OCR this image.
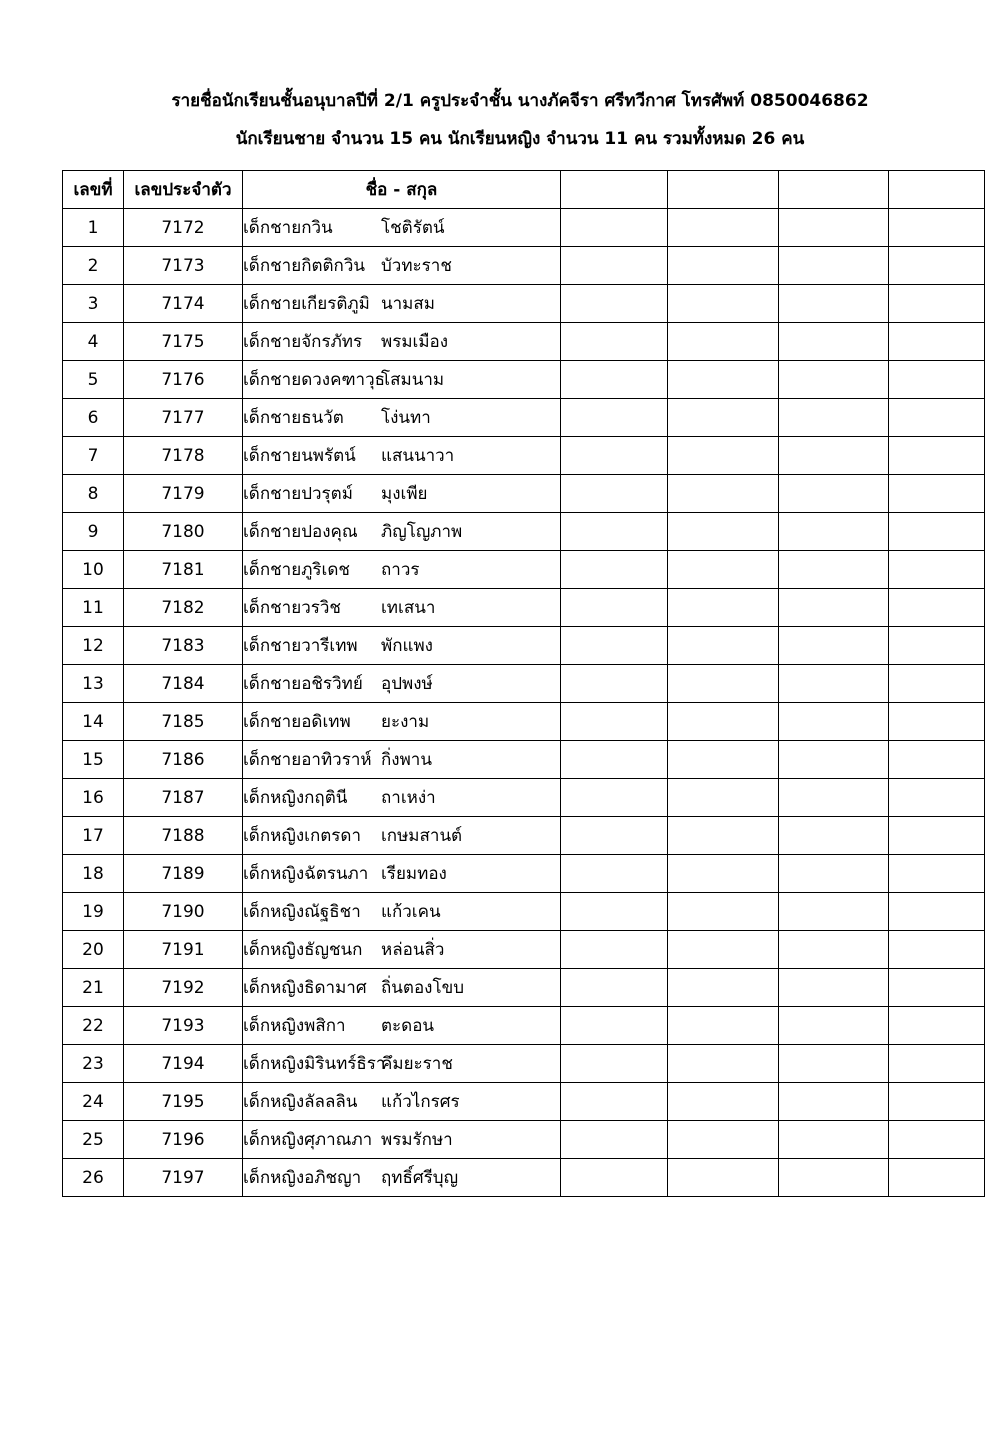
รายชื่อนักเรียนชั้นอนุบาลปีที่ 2/1 ครูประจำชั้น นางภัคจีรา ศรีทวีกาศ โทรศัพท์ 0850046862
นักเรียนชาย จำนวน 15 คน นักเรียนหญิง จำนวน 11 คน รวมทั้งหมด 26 คน
เลขที่	เลขประจำตัว	ชื่อ - สกุล				
1	7172	เด็กชายกวิน โชติรัตน์				
2	7173	เด็กชายกิตติกวิน บัวทะราช				
3	7174	เด็กชายเกียรติภูมิ นามสม				
4	7175	เด็กชายจักรภัทร พรมเมือง				
5	7176	เด็กชายดวงคฑาวุธโสมนาม				
6	7177	เด็กชายธนวัต โง่นทา				
7	7178	เด็กชายนพรัตน์ แสนนาวา				
8	7179	เด็กชายปวรุตม์ มุงเพีย				
9	7180	เด็กชายปองคุณ ภิญโญภาพ				
10	7181	เด็กชายภูริเดช ถาวร				
11	7182	เด็กชายวรวิช เทเสนา				
12	7183	เด็กชายวารีเทพ พักแพง				
13	7184	เด็กชายอชิรวิทย์ อุปพงษ์				
14	7185	เด็กชายอดิเทพ ยะงาม				
15	7186	เด็กชายอาทิวราห์ กิ่งพาน				
16	7187	เด็กหญิงกฤตินี ถาเหง่า				
17	7188	เด็กหญิงเกตรดา เกษมสานต์				
18	7189	เด็กหญิงฉัตรนภา เรียมทอง				
19	7190	เด็กหญิงณัฐธิชา แก้วเคน				
20	7191	เด็กหญิงธัญชนก หล่อนสิ่ว				
21	7192	เด็กหญิงธิดามาศ ถิ่นตองโขบ				
22	7193	เด็กหญิงพสิกา ตะดอน				
23	7194	เด็กหญิงมิรินทร์ธิราคึมยะราช				
24	7195	เด็กหญิงลัลลลิน แก้วไกรศร				
25	7196	เด็กหญิงศุภาณภา พรมรักษา				
26	7197	เด็กหญิงอภิชญา ฤทธิ์ศรีบุญ				
